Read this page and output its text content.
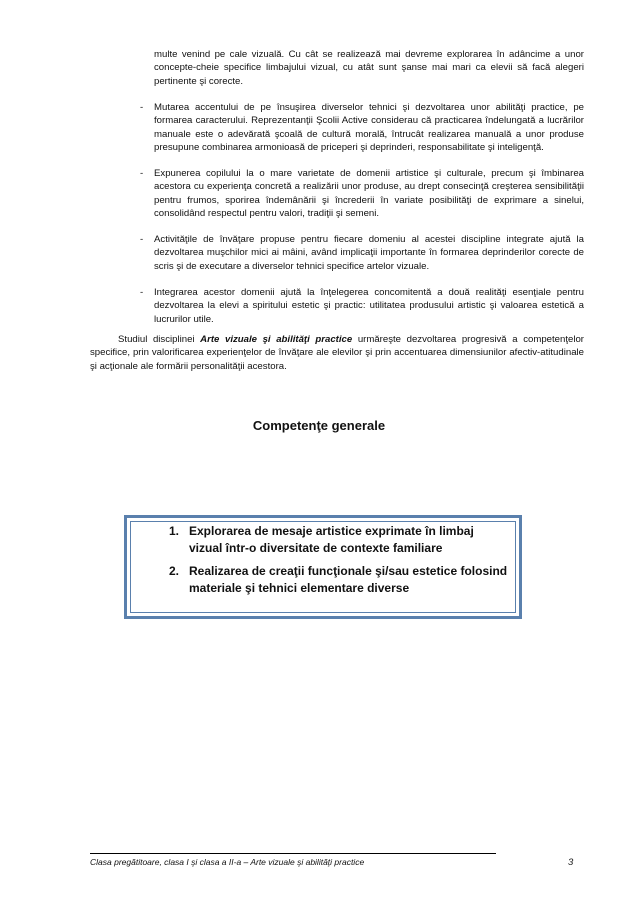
multe venind pe cale vizuală. Cu cât se realizează mai devreme explorarea în adâncime a unor concepte-cheie specifice limbajului vizual, cu atât sunt şanse mai mari ca elevii să facă alegeri pertinente şi corecte.
- Mutarea accentului de pe însuşirea diverselor tehnici şi dezvoltarea unor abilităţi practice, pe formarea caracterului. Reprezentanţii Şcolii Active considerau că practicarea îndelungată a lucrărilor manuale este o adevărată şcoală de cultură morală, întrucât realizarea manuală a unor produse presupune combinarea armonioasă de priceperi şi deprinderi, responsabilitate şi inteligenţă.
- Expunerea copilului la o mare varietate de domenii artistice şi culturale, precum şi îmbinarea acestora cu experienţa concretă a realizării unor produse, au drept consecinţă creşterea sensibilităţii pentru frumos, sporirea îndemânării şi încrederii în variate posibilităţi de exprimare a sinelui, consolidând respectul pentru valori, tradiţii şi semeni.
- Activităţile de învăţare propuse pentru fiecare domeniu al acestei discipline integrate ajută la dezvoltarea muşchilor mici ai mâini, având implicaţii importante în formarea deprinderilor corecte de scris şi de executare a diverselor tehnici specifice artelor vizuale.
- Integrarea acestor domenii ajută la înţelegerea concomitentă a două realităţi esenţiale pentru dezvoltarea la elevi a spiritului estetic şi practic: utilitatea produsului artistic şi valoarea estetică a lucrurilor utile.
Studiul disciplinei Arte vizuale şi abilităţi practice urmăreşte dezvoltarea progresivă a competenţelor specifice, prin valorificarea experienţelor de învăţare ale elevilor şi prin accentuarea dimensiunilor afectiv-atitudinale şi acţionale ale formării personalităţii acestora.
Competenţe generale
1. Explorarea de mesaje artistice exprimate în limbaj vizual într-o diversitate de contexte familiare
2. Realizarea de creaţii funcţionale şi/sau estetice folosind materiale şi tehnici elementare diverse
Clasa pregătitoare, clasa I şi clasa a II-a – Arte vizuale şi abilităţi practice	3
